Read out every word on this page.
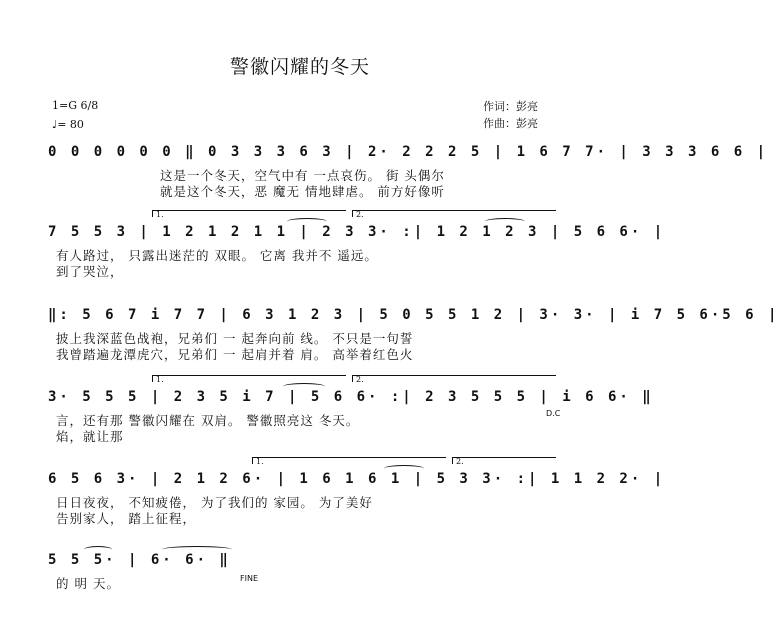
警徽闪耀的冬天
1=G 6/8
♩= 80
作词：彭亮
作曲：彭亮
0 0 0 0 0 0 ‖ 0 3 3 3 6 3 | 2· 2 2 2 5 | 1 6 7 7· | 3 3 3 6 6 |
这是一个冬天，空气中有 一点哀伤。 街 头偶尔
就是这个冬天，恶 魔无 情地肆虐。 前方好像听
1.	2.
7 5 5 3 | 1 2 1 2 1 1 | 2 3 3· :| 1 2 1 2 3 | 5 6 6· |
有人路过， 只露出迷茫的 双眼。 它离 我并不 遥远。
到了哭泣，
‖: 5 6 7 i 7 7 | 6 3 1 2 3 | 5 0 5 5 1 2 | 3· 3· | i 7 5 6·5 6 |
披上我深蓝色战袍，兄弟们 一 起奔向前 线。 不只是一句誓
我曾踏遍龙潭虎穴，兄弟们 一 起肩并着 肩。 高举着红色火
1.	2.
3· 5 5 5 | 2 3 5 i 7 | 5 6 6· :| 2 3 5 5 5 | i 6 6· ‖
D.C
言，还有那 警徽闪耀在 双肩。 警徽照亮这 冬天。
焰，就让那
1.	2.
6 5 6 3· | 2 1 2 6· | 1 6 1 6 1 | 5 3 3· :| 1 1 2 2· |
日日夜夜， 不知疲倦， 为了我们的 家园。 为了美好
告别家人， 踏上征程，
5 5 5· | 6· 6· ‖
FINE
的 明 天。
